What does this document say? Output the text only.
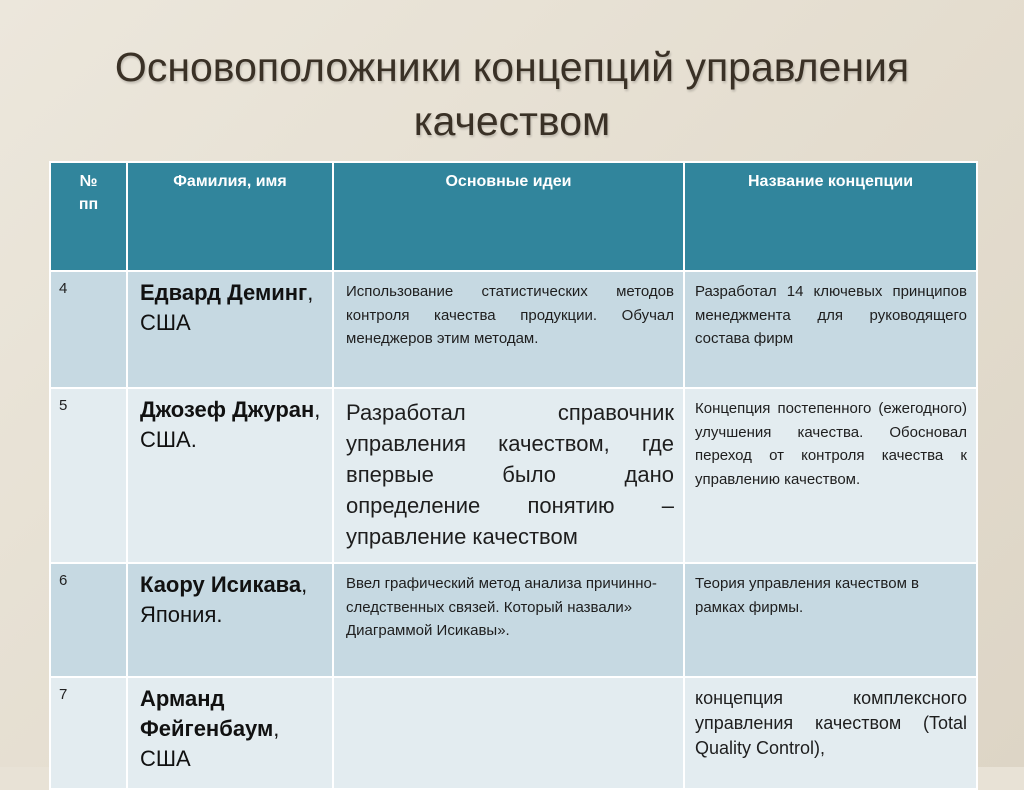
Основоположники концепций управления
качеством
№ пп	Фамилия, имя	Основные идеи	Название концепции
4	Едвард Деминг, США	Использование статистических методов контроля качества продукции. Обучал менеджеров этим методам.	Разработал 14 ключевых принципов менеджмента для руководящего состава фирм
5	Джозеф Джуран, США.	Разработал справочник управления качеством, где впервые было дано определение понятию – управление качеством	Концепция постепенного (ежегодного) улучшения качества. Обосновал переход от контроля качества к управлению качеством.
6	Каору Исикава, Япония.	Ввел графический метод анализа причинно-следственных связей. Который назвали» Диаграммой Исикавы».	Теория управления качеством в рамках фирмы.
7	Арманд Фейгенбаум, США		концепция комплексного управления качеством (Total Quality Control),
